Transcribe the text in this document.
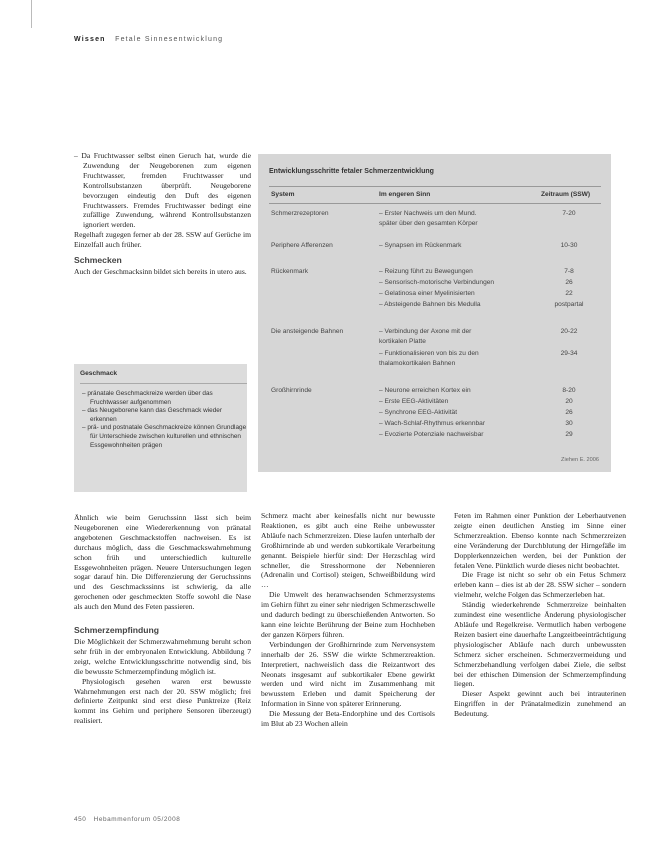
Wissen Fetale Sinnesentwicklung

– Da Fruchtwasser selbst einen Geruch hat, wurde die Zuwendung der Neugeborenen zum eigenen Fruchtwasser, fremden Fruchtwasser und Kontrollsubstanzen überprüft. Neugeborene bevorzugen eindeutig den Duft des eigenen Fruchtwassers. Fremdes Fruchtwasser bedingt eine zufällige Zuwendung, während Kontrollsubstanzen ignoriert werden.

Regelhaft zugegen ferner ab der 28. SSW auf Gerüche im Einzelfall auch früher.

Schmecken

Auch der Geschmacksinn bildet sich bereits in utero aus.

Geschmack
– pränatale Geschmackreize werden über das Fruchtwasser aufgenommen
– das Neugeborene kann das Geschmack wieder erkennen
– prä- und postnatale Geschmackreize können Grundlage für Unterschiede zwischen kulturellen und ethnischen Essgewohnheiten prägen
Entwicklungsschritte fetaler Schmerzentwicklung
System	Im engeren Sinn	Zeitraum (SSW)
Schmerzrezeptoren	– Erster Nachweis um den Mund.	7-20
später über den gesamten Körper
Periphere Afferenzen	– Synapsen im Rückenmark	10-30
Rückenmark	– Reizung führt zu Bewegungen	7-8
– Sensorisch-motorische Verbindungen	26
– Gelatinosa einer Myelinisierten	22
– Absteigende Bahnen bis Medulla	postpartal
Die ansteigende Bahnen	– Verbindung der Axone mit der	20-22
kortikalen Platte
– Funktionalisieren von bis zu den	29-34
thalamokortikalen Bahnen
Großhirnrinde	– Neurone erreichen Kortex ein	8-20
– Erste EEG-Aktivitäten	20
– Synchrone EEG-Aktivität	26
– Wach-Schlaf-Rhythmus erkennbar	30
– Evozierte Potenziale nachweisbar	29
Ziehen E. 2006

Ähnlich wie beim Geruchssinn lässt sich beim Neugeborenen eine Wiedererkennung von pränatal angebotenen Geschmackstoffen nachweisen. Es ist durchaus möglich, dass die Geschmackswahrnehmung schon früh und unterschiedlich kulturelle Essgewohnheiten prägen. Neuere Untersuchungen legen sogar darauf hin. Die Differenzierung der Geruchssinns und des Geschmackssinns ist schwierig, da alle gerochenen oder geschmeckten Stoffe sowohl die Nase als auch den Mund des Feten passieren.

Schmerzempfindung

Die Möglichkeit der Schmerzwahrnehmung beruht schon sehr früh in der embryonalen Entwicklung. Abbildung 7 zeigt, welche Entwicklungsschritte notwendig sind, bis die bewusste Schmerzempfindung möglich ist.

Physiologisch gesehen waren erst bewusste Wahrnehmungen erst nach der 20. SSW möglich; frei definierte Zeitpunkt sind erst diese Punktreize (Reiz kommt ins Gehirn und periphere Sensoren überzeugt) realisiert.

Schmerz macht aber keinesfalls nicht nur bewusste Reaktionen, es gibt auch eine Reihe unbewusster Abläufe nach Schmerzreizen. Diese laufen unterhalb der Großhirnrinde ab und werden subkortikale Verarbeitung genannt. Beispiele hierfür sind: Der Herzschlag wird schneller, die Stresshormone der Nebennieren (Adrenalin und Cortisol) steigen, Schweißbildung wird …

Die Umwelt des heranwachsenden Schmerzsystems im Gehirn führt zu einer sehr niedrigen Schmerzschwelle und dadurch bedingt zu überschießenden Antworten. So kann eine leichte Berührung der Beine zum Hochheben der ganzen Körpers führen.

Verbindungen der Großhirnrinde zum Nervensystem innerhalb der 26. SSW die wirkte Schmerzreaktion. Interpretiert, nachweislich dass die Reizantwort des Neonats insgesamt auf subkortikaler Ebene gewirkt werden und wird nicht im Zusammenhang mit bewusstem Erleben und damit Speicherung der Information in Sinne von späterer Erinnerung.

Die Messung der Beta-Endorphine und des Cortisols im Blut ab 23 Wochen allein

Feten im Rahmen einer Punktion der Leberhautvenen zeigte einen deutlichen Anstieg im Sinne einer Schmerzreaktion. Ebenso konnte nach Schmerzreizen eine Veränderung der Durchblutung der Hirngefäße im Dopplerkennzeichen werden, bei der Punktion der fetalen Vene. Pünktlich wurde dieses nicht beobachtet.

Die Frage ist nicht so sehr ob ein Fetus Schmerz erleben kann – dies ist ab der 28. SSW sicher – sondern vielmehr, welche Folgen das Schmerzerleben hat.

Ständig wiederkehrende Schmerzreize beinhalten zumindest eine wesentliche Änderung physiologischer Abläufe und Regelkreise. Vermutlich haben verbogene Reizen basiert eine dauerhafte Langzeitbeeinträchtigung physiologischer Abläufe nach durch unbewussten Schmerz sicher erscheinen. Schmerzvermeidung und Schmerzbehandlung verfolgen dabei Ziele, die selbst bei der ethischen Dimension der Schmerzempfindung liegen.

Dieser Aspekt gewinnt auch bei intrauterinen Eingriffen in der Pränatalmedizin zunehmend an Bedeutung.

450 Hebammenforum 05/2008
